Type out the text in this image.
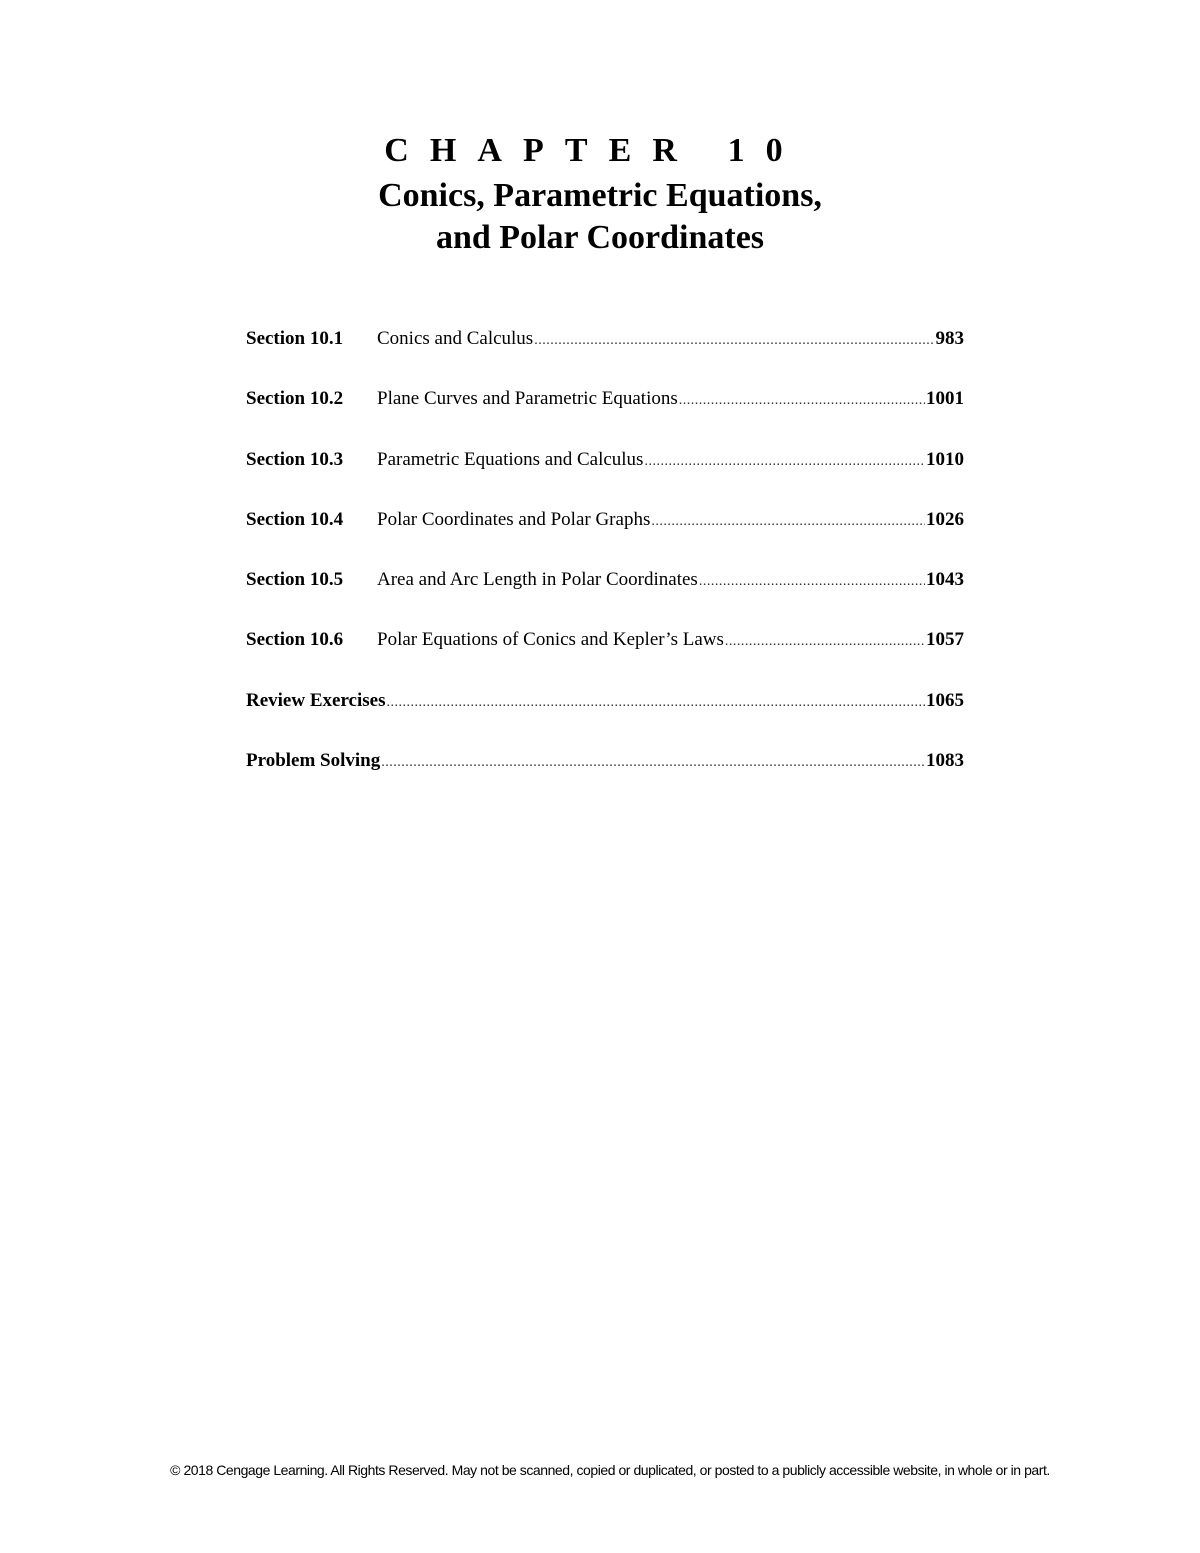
CHAPTER 10
Conics, Parametric Equations,
and Polar Coordinates
Section 10.1	Conics and Calculus .....	983
Section 10.2	Plane Curves and Parametric Equations .....	1001
Section 10.3	Parametric Equations and Calculus .....	1010
Section 10.4	Polar Coordinates and Polar Graphs .....	1026
Section 10.5	Area and Arc Length in Polar Coordinates .....	1043
Section 10.6	Polar Equations of Conics and Kepler’s Laws .....	1057
Review Exercises .....	1065
Problem Solving .....	1083
© 2018 Cengage Learning. All Rights Reserved. May not be scanned, copied or duplicated, or posted to a publicly accessible website, in whole or in part.
